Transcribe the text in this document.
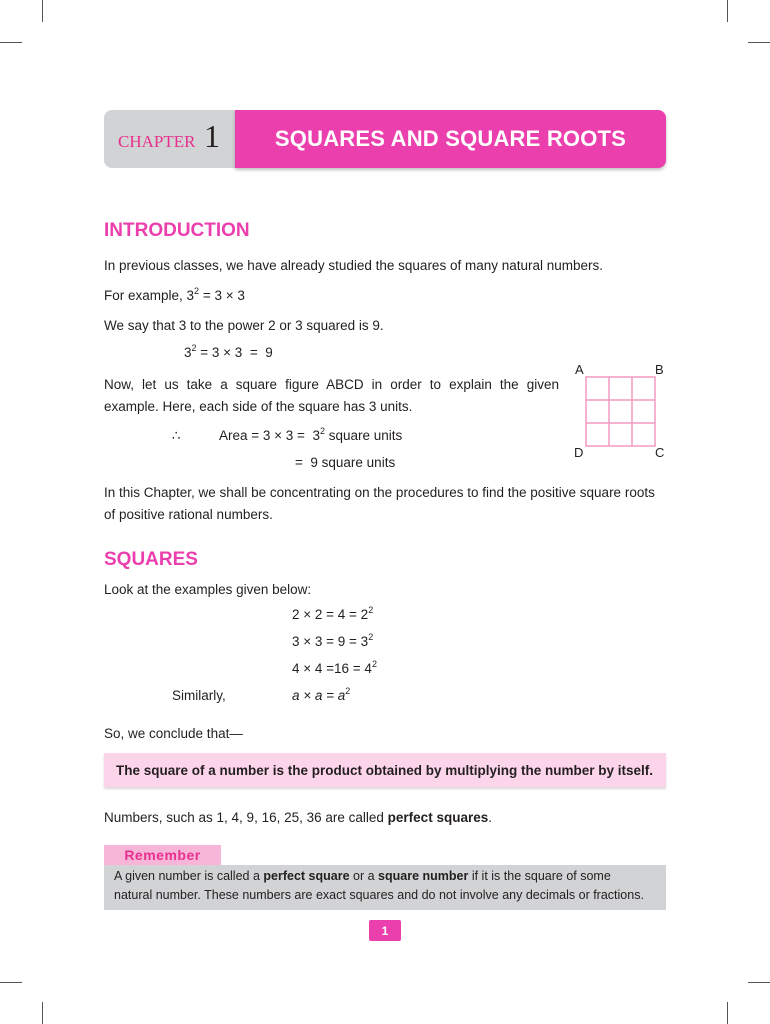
CHAPTER 1 SQUARES AND SQUARE ROOTS
INTRODUCTION
In previous classes, we have already studied the squares of many natural numbers.
For example, $3^2 = 3 \times 3$
We say that 3 to the power 2 or 3 squared is 9.
$3^2 = 3 \times 3 = 9$
Now, let us take a square figure ABCD in order to explain the given
example. Here, each side of the square has 3 units.
∴	Area = $3 \times 3 = 3^2$ square units
=  9 square units
A	B
D	C
In this Chapter, we shall be concentrating on the procedures to find the positive square roots
of positive rational numbers.
SQUARES
Look at the examples given below:
$2 \times 2 = 4 = 2^2$
$3 \times 3 = 9 = 3^2$
$4 \times 4 =16 = 4^2$
Similarly,	$a \times a = a^2$
So, we conclude that—
The square of a number is the product obtained by multiplying the number by itself.
Numbers, such as 1, 4, 9, 16, 25, 36 are called perfect squares.
Remember
A given number is called a perfect square or a square number if it is the square of some
natural number. These numbers are exact squares and do not involve any decimals or fractions.
1
